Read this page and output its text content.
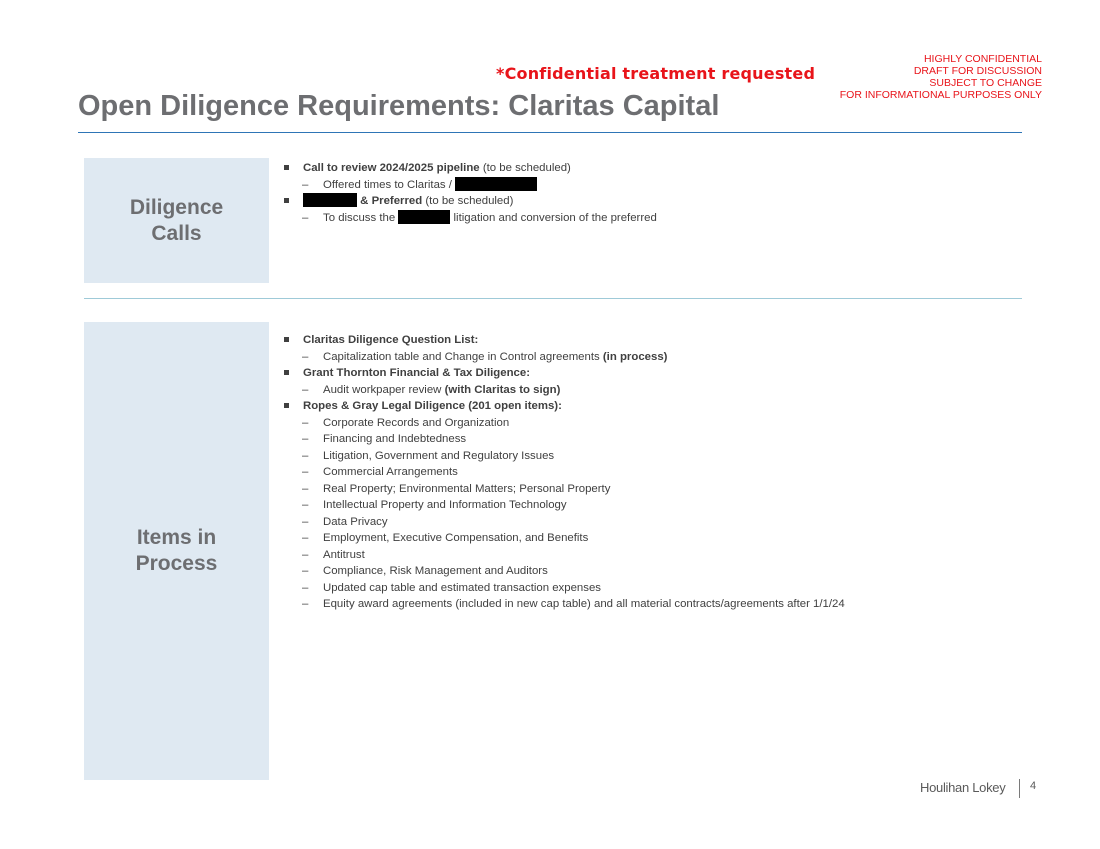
*Confidential treatment requested
HIGHLY CONFIDENTIAL
DRAFT FOR DISCUSSION
SUBJECT TO CHANGE
FOR INFORMATIONAL PURPOSES ONLY
Open Diligence Requirements: Claritas Capital
Diligence
Calls
Call to review 2024/2025 pipeline (to be scheduled)
– Offered times to Claritas /
& Preferred (to be scheduled)
– To discuss the	litigation and conversion of the preferred
Items in
Process
Claritas Diligence Question List:
– Capitalization table and Change in Control agreements (in process)
Grant Thornton Financial & Tax Diligence:
– Audit workpaper review (with Claritas to sign)
Ropes & Gray Legal Diligence (201 open items):
– Corporate Records and Organization
– Financing and Indebtedness
– Litigation, Government and Regulatory Issues
– Commercial Arrangements
– Real Property; Environmental Matters; Personal Property
– Intellectual Property and Information Technology
– Data Privacy
– Employment, Executive Compensation, and Benefits
– Antitrust
– Compliance, Risk Management and Auditors
– Updated cap table and estimated transaction expenses
– Equity award agreements (included in new cap table) and all material contracts/agreements after 1/1/24
Houlihan Lokey 4
